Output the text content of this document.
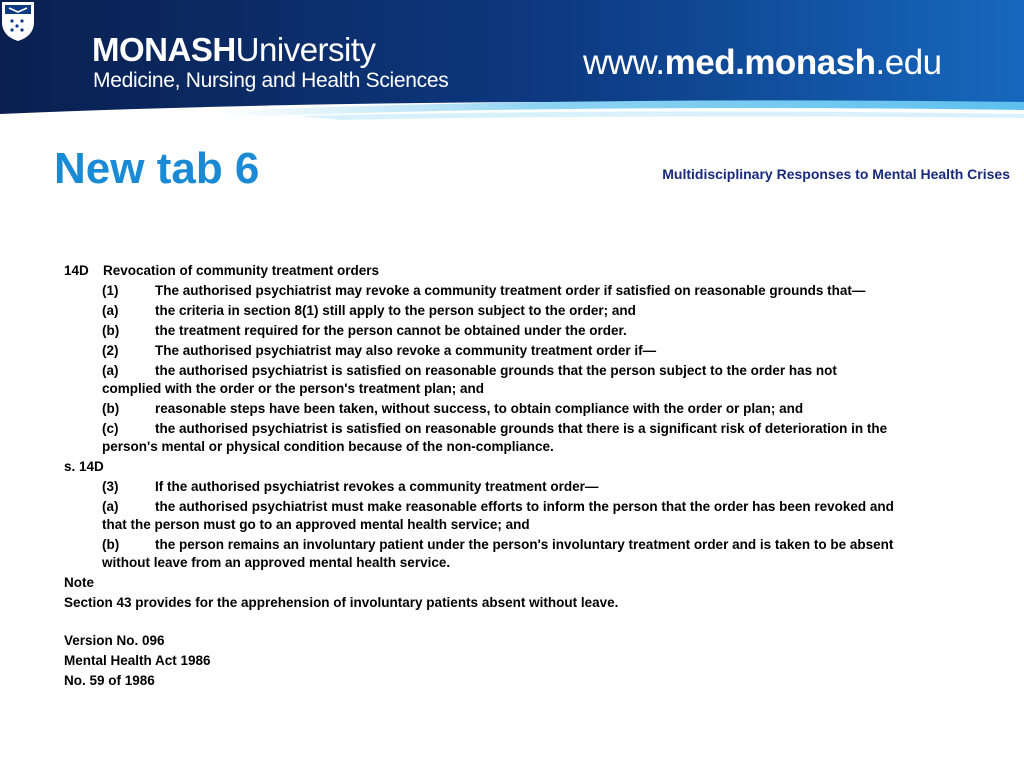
MONASHUniversity
Medicine, Nursing and Health Sciences	www.med.monash.edu
New tab 6	Multidisciplinary Responses to Mental Health Crises

14D Revocation of community treatment orders

(1)	The authorised psychiatrist may revoke a community treatment order if satisfied on reasonable grounds that—

(a)	the criteria in section 8(1) still apply to the person subject to the order; and

(b)	the treatment required for the person cannot be obtained under the order.

(2)	The authorised psychiatrist may also revoke a community treatment order if—

(a)	the authorised psychiatrist is satisfied on reasonable grounds that the person subject to the order has not complied with the order or the person's treatment plan; and

(b)	reasonable steps have been taken, without success, to obtain compliance with the order or plan; and

(c)	the authorised psychiatrist is satisfied on reasonable grounds that there is a significant risk of deterioration in the person's mental or physical condition because of the non-compliance.

s. 14D

(3)	If the authorised psychiatrist revokes a community treatment order—

(a)	the authorised psychiatrist must make reasonable efforts to inform the person that the order has been revoked and that the person must go to an approved mental health service; and

(b)	the person remains an involuntary patient under the person's involuntary treatment order and is taken to be absent without leave from an approved mental health service.

Note

Section 43 provides for the apprehension of involuntary patients absent without leave.

Version No. 096

Mental Health Act 1986

No. 59 of 1986
